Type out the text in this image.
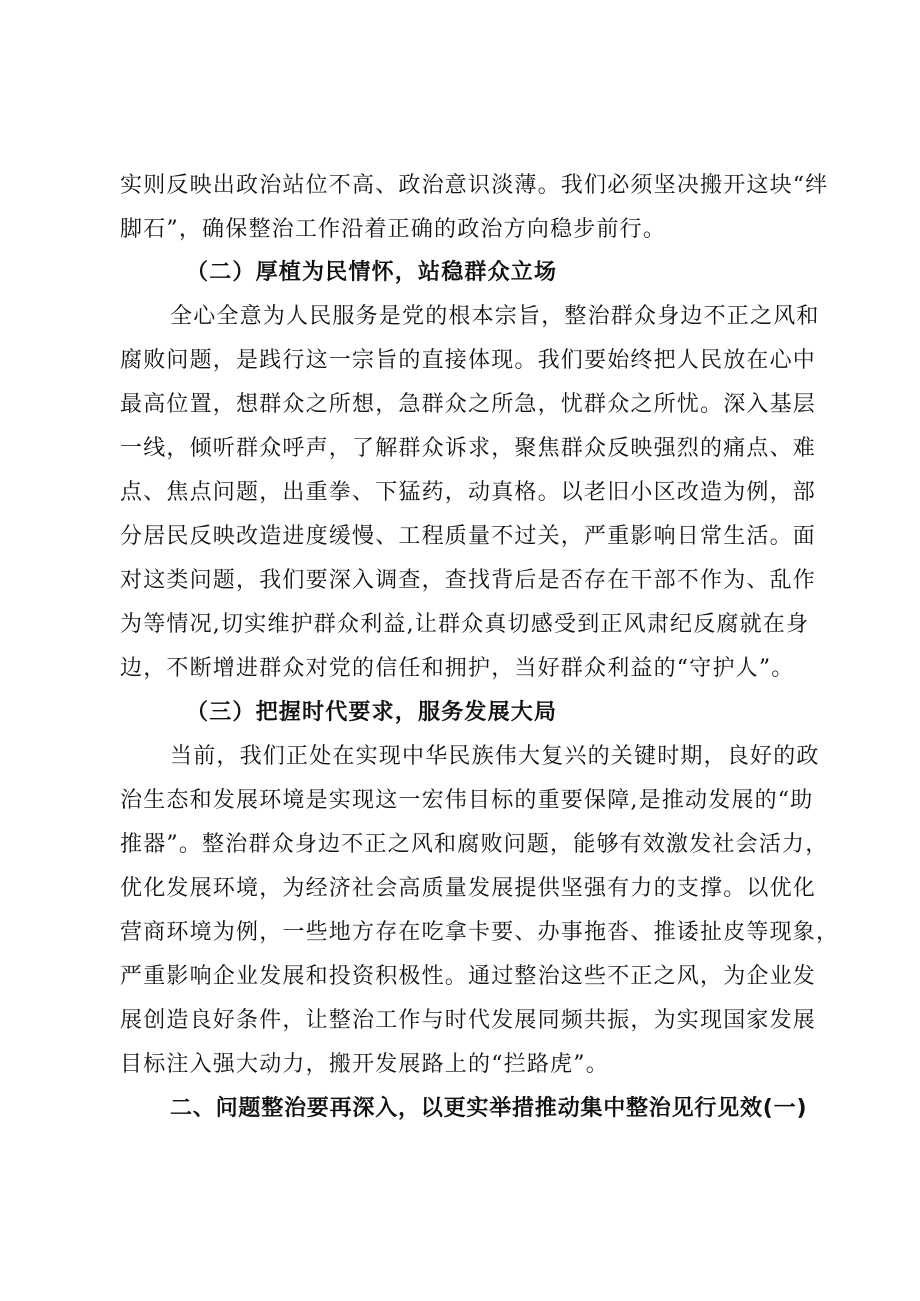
实则反映出政治站位不高、政治意识淡薄。我们必须坚决搬开这块“绊
脚石”，确保整治工作沿着正确的政治方向稳步前行。
（二）厚植为民情怀，站稳群众立场
全心全意为人民服务是党的根本宗旨，整治群众身边不正之风和
腐败问题，是践行这一宗旨的直接体现。我们要始终把人民放在心中
最高位置，想群众之所想，急群众之所急，忧群众之所忧。深入基层
一线，倾听群众呼声，了解群众诉求，聚焦群众反映强烈的痛点、难
点、焦点问题，出重拳、下猛药，动真格。以老旧小区改造为例，部
分居民反映改造进度缓慢、工程质量不过关，严重影响日常生活。面
对这类问题，我们要深入调查，查找背后是否存在干部不作为、乱作
为等情况,切实维护群众利益,让群众真切感受到正风肃纪反腐就在身
边，不断增进群众对党的信任和拥护，当好群众利益的“守护人”。
（三）把握时代要求，服务发展大局
当前，我们正处在实现中华民族伟大复兴的关键时期，良好的政
治生态和发展环境是实现这一宏伟目标的重要保障,是推动发展的“助
推器”。整治群众身边不正之风和腐败问题，能够有效激发社会活力，
优化发展环境，为经济社会高质量发展提供坚强有力的支撑。以优化
营商环境为例，一些地方存在吃拿卡要、办事拖沓、推诿扯皮等现象，
严重影响企业发展和投资积极性。通过整治这些不正之风，为企业发
展创造良好条件，让整治工作与时代发展同频共振，为实现国家发展
目标注入强大动力，搬开发展路上的“拦路虎”。
二、问题整治要再深入，以更实举措推动集中整治见行见效(一)
